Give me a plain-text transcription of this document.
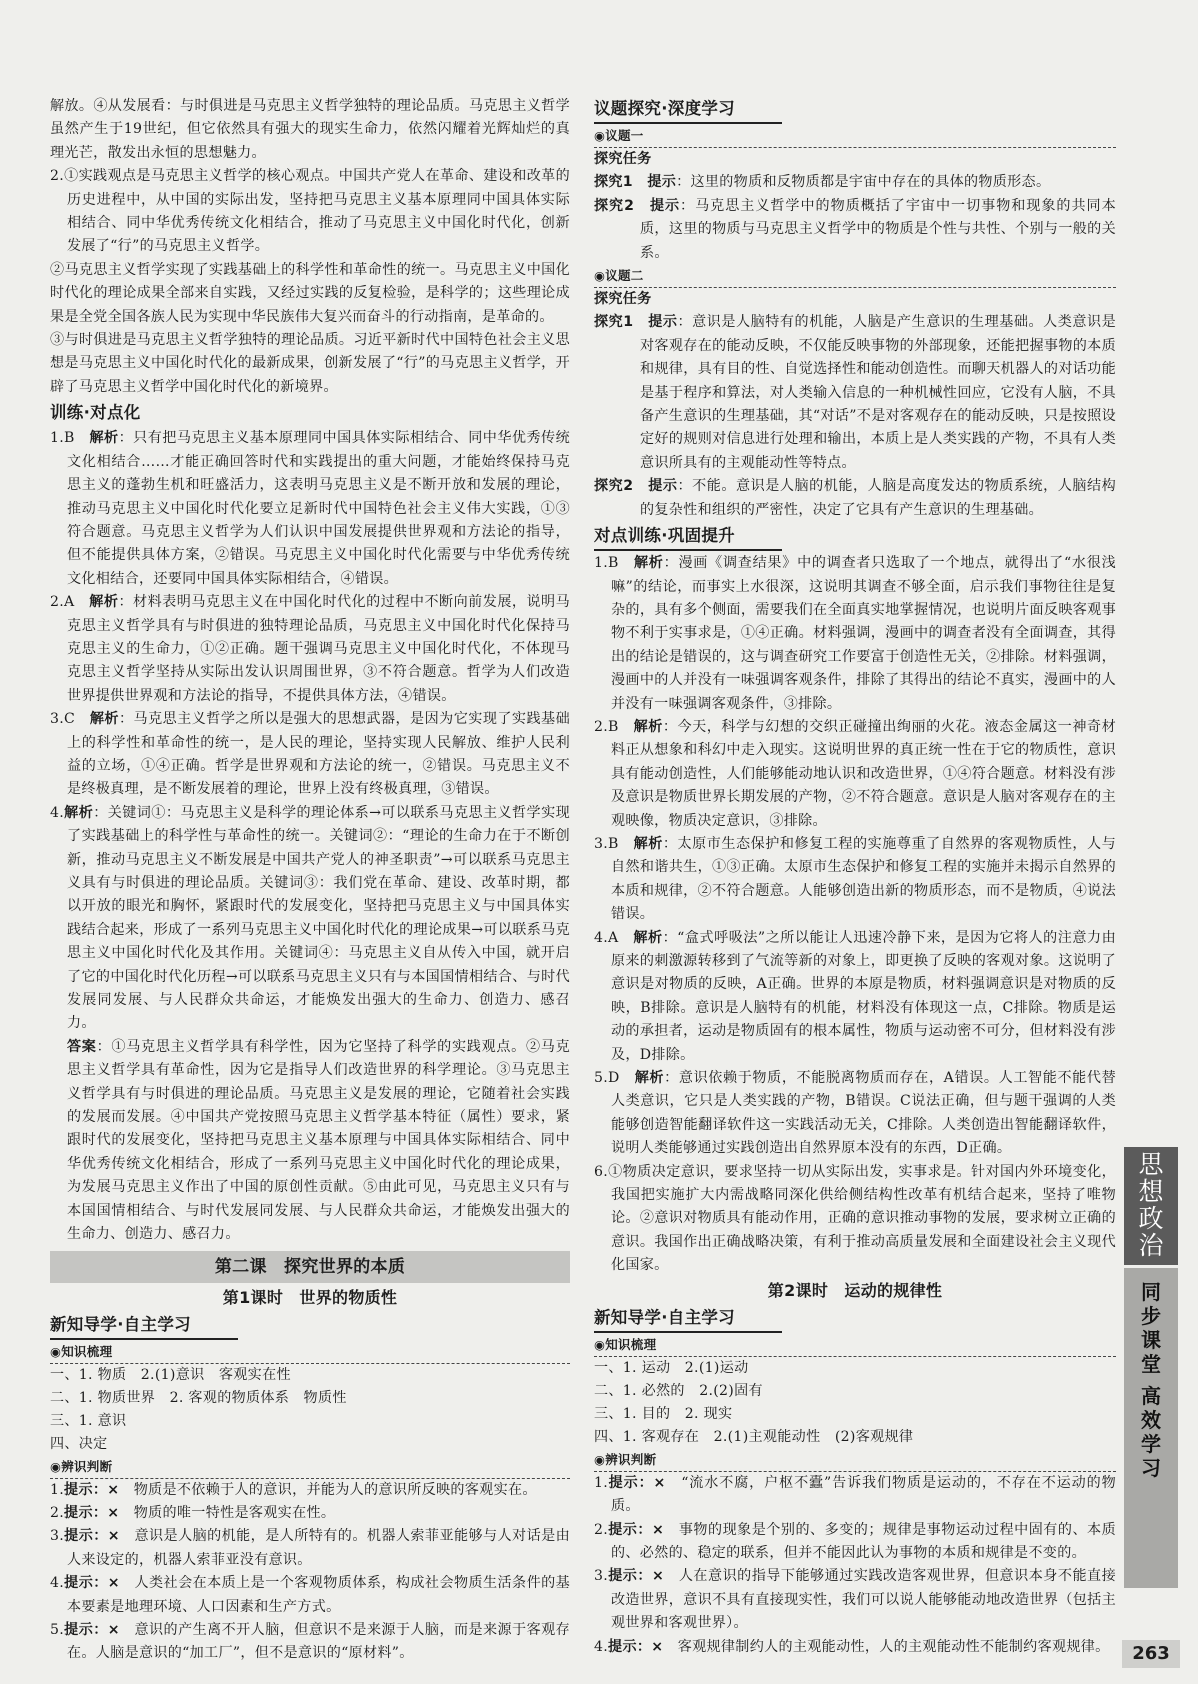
解放。④从发展看：与时俱进是马克思主义哲学独特的理论品质。马克思主义哲学虽然产生于19世纪，但它依然具有强大的现实生命力，依然闪耀着光辉灿烂的真理光芒，散发出永恒的思想魅力。

2.①实践观点是马克思主义哲学的核心观点。中国共产党人在革命、建设和改革的历史进程中，从中国的实际出发，坚持把马克思主义基本原理同中国具体实际相结合、同中华优秀传统文化相结合，推动了马克思主义中国化时代化，创新发展了“行”的马克思主义哲学。

②马克思主义哲学实现了实践基础上的科学性和革命性的统一。马克思主义中国化时代化的理论成果全部来自实践，又经过实践的反复检验，是科学的；这些理论成果是全党全国各族人民为实现中华民族伟大复兴而奋斗的行动指南，是革命的。

③与时俱进是马克思主义哲学独特的理论品质。习近平新时代中国特色社会主义思想是马克思主义中国化时代化的最新成果，创新发展了“行”的马克思主义哲学，开辟了马克思主义哲学中国化时代化的新境界。

训练·对点化

1.B　 解析：只有把马克思主义基本原理同中国具体实际相结合、同中华优秀传统文化相结合……才能正确回答时代和实践提出的重大问题，才能始终保持马克思主义的蓬勃生机和旺盛活力，这表明马克思主义是不断开放和发展的理论，推动马克思主义中国化时代化要立足新时代中国特色社会主义伟大实践，①③符合题意。马克思主义哲学为人们认识中国发展提供世界观和方法论的指导，但不能提供具体方案，②错误。马克思主义中国化时代化需要与中华优秀传统文化相结合，还要同中国具体实际相结合，④错误。

2.A　 解析：材料表明马克思主义在中国化时代化的过程中不断向前发展，说明马克思主义哲学具有与时俱进的独特理论品质，马克思主义中国化时代化保持马克思主义的生命力，①②正确。题干强调马克思主义中国化时代化，不体现马克思主义哲学坚持从实际出发认识周围世界，③不符合题意。哲学为人们改造世界提供世界观和方法论的指导，不提供具体方法，④错误。

3.C　 解析：马克思主义哲学之所以是强大的思想武器，是因为它实现了实践基础上的科学性和革命性的统一，是人民的理论，坚持实现人民解放、维护人民利益的立场，①④正确。哲学是世界观和方法论的统一，②错误。马克思主义不是终极真理，是不断发展着的理论，世界上没有终极真理，③错误。

4.解析：关键词①：马克思主义是科学的理论体系→可以联系马克思主义哲学实现了实践基础上的科学性与革命性的统一。关键词②：“理论的生命力在于不断创新，推动马克思主义不断发展是中国共产党人的神圣职责”→可以联系马克思主义具有与时俱进的理论品质。关键词③：我们党在革命、建设、改革时期，都以开放的眼光和胸怀，紧跟时代的发展变化，坚持把马克思主义与中国具体实践结合起来，形成了一系列马克思主义中国化时代化的理论成果→可以联系马克思主义中国化时代化及其作用。关键词④：马克思主义自从传入中国，就开启了它的中国化时代化历程→可以联系马克思主义只有与本国国情相结合、与时代发展同发展、与人民群众共命运，才能焕发出强大的生命力、创造力、感召力。

答案：①马克思主义哲学具有科学性，因为它坚持了科学的实践观点。②马克思主义哲学具有革命性，因为它是指导人们改造世界的科学理论。③马克思主义哲学具有与时俱进的理论品质。马克思主义是发展的理论，它随着社会实践的发展而发展。④中国共产党按照马克思主义哲学基本特征（属性）要求，紧跟时代的发展变化，坚持把马克思主义基本原理与中国具体实际相结合、同中华优秀传统文化相结合，形成了一系列马克思主义中国化时代化的理论成果，为发展马克思主义作出了中国的原创性贡献。⑤由此可见，马克思主义只有与本国国情相结合、与时代发展同发展、与人民群众共命运，才能焕发出强大的生命力、创造力、感召力。

第二课　探究世界的本质
第1课时　世界的物质性
新知导学·自主学习
◉知识梳理

一、1. 物质　2.(1)意识　客观实在性

二、1. 物质世界　2. 客观的物质体系　物质性

三、1. 意识

四、决定

◉辨识判断

1.提示：×　物质是不依赖于人的意识，并能为人的意识所反映的客观实在。

2.提示：×　物质的唯一特性是客观实在性。

3.提示：×　意识是人脑的机能，是人所特有的。机器人索菲亚能够与人对话是由人来设定的，机器人索菲亚没有意识。

4.提示：×　人类社会在本质上是一个客观物质体系，构成社会物质生活条件的基本要素是地理环境、人口因素和生产方式。

5.提示：×　意识的产生离不开人脑，但意识不是来源于人脑，而是来源于客观存在。人脑是意识的“加工厂”，但不是意识的“原材料”。

议题探究·深度学习
◉议题一
探究任务

探究1　 提示：这里的物质和反物质都是宇宙中存在的具体的物质形态。

探究2　 提示：马克思主义哲学中的物质概括了宇宙中一切事物和现象的共同本质，这里的物质与马克思主义哲学中的物质是个性与共性、个别与一般的关系。

◉议题二
探究任务

探究1　 提示：意识是人脑特有的机能，人脑是产生意识的生理基础。人类意识是对客观存在的能动反映，不仅能反映事物的外部现象，还能把握事物的本质和规律，具有目的性、自觉选择性和能动创造性。而聊天机器人的对话功能是基于程序和算法，对人类输入信息的一种机械性回应，它没有人脑，不具备产生意识的生理基础，其“对话”不是对客观存在的能动反映，只是按照设定好的规则对信息进行处理和输出，本质上是人类实践的产物，不具有人类意识所具有的主观能动性等特点。

探究2　 提示：不能。意识是人脑的机能，人脑是高度发达的物质系统，人脑结构的复杂性和组织的严密性，决定了它具有产生意识的生理基础。

对点训练·巩固提升

1.B　 解析：漫画《调查结果》中的调查者只选取了一个地点，就得出了“水很浅嘛”的结论，而事实上水很深，这说明其调查不够全面，启示我们事物往往是复杂的，具有多个侧面，需要我们在全面真实地掌握情况，也说明片面反映客观事物不利于实事求是，①④正确。材料强调，漫画中的调查者没有全面调查，其得出的结论是错误的，这与调查研究工作要富于创造性无关，②排除。材料强调，漫画中的人并没有一味强调客观条件，排除了其得出的结论不真实，漫画中的人并没有一味强调客观条件，③排除。

2.B　 解析：今天，科学与幻想的交织正碰撞出绚丽的火花。液态金属这一神奇材料正从想象和科幻中走入现实。这说明世界的真正统一性在于它的物质性，意识具有能动创造性，人们能够能动地认识和改造世界，①④符合题意。材料没有涉及意识是物质世界长期发展的产物，②不符合题意。意识是人脑对客观存在的主观映像，物质决定意识，③排除。

3.B　 解析：太原市生态保护和修复工程的实施尊重了自然界的客观物质性，人与自然和谐共生，①③正确。太原市生态保护和修复工程的实施并未揭示自然界的本质和规律，②不符合题意。人能够创造出新的物质形态，而不是物质，④说法错误。

4.A　 解析：“盒式呼吸法”之所以能让人迅速冷静下来，是因为它将人的注意力由原来的刺激源转移到了气流等新的对象上，即更换了反映的客观对象。这说明了意识是对物质的反映，A正确。世界的本原是物质，材料强调意识是对物质的反映，B排除。意识是人脑特有的机能，材料没有体现这一点，C排除。物质是运动的承担者，运动是物质固有的根本属性，物质与运动密不可分，但材料没有涉及，D排除。

5.D　 解析：意识依赖于物质，不能脱离物质而存在，A错误。人工智能不能代替人类意识，它只是人类实践的产物，B错误。C说法正确，但与题干强调的人类能够创造智能翻译软件这一实践活动无关，C排除。人类创造出智能翻译软件，说明人类能够通过实践创造出自然界原本没有的东西，D正确。

6.①物质决定意识，要求坚持一切从实际出发，实事求是。针对国内外环境变化，我国把实施扩大内需战略同深化供给侧结构性改革有机结合起来，坚持了唯物论。②意识对物质具有能动作用，正确的意识推动事物的发展，要求树立正确的意识。我国作出正确战略决策，有利于推动高质量发展和全面建设社会主义现代化国家。

第2课时　运动的规律性
新知导学·自主学习
◉知识梳理

一、1. 运动　2.(1)运动

二、1. 必然的　2.(2)固有

三、1. 目的　2. 现实

四、1. 客观存在　2.(1)主观能动性　(2)客观规律

◉辨识判断

1.提示：×　“流水不腐，户枢不蠹”告诉我们物质是运动的，不存在不运动的物质。

2.提示：×　事物的现象是个别的、多变的；规律是事物运动过程中固有的、本质的、必然的、稳定的联系，但并不能因此认为事物的本质和规律是不变的。

3.提示：×　人在意识的指导下能够通过实践改造客观世界，但意识本身不能直接改造世界，意识不具有直接现实性，我们可以说人能够能动地改造世界（包括主观世界和客观世界）。

4.提示：×　客观规律制约人的主观能动性，人的主观能动性不能制约客观规律。

思
想
政
治
同
步
课
堂
高
效
学
习
263
